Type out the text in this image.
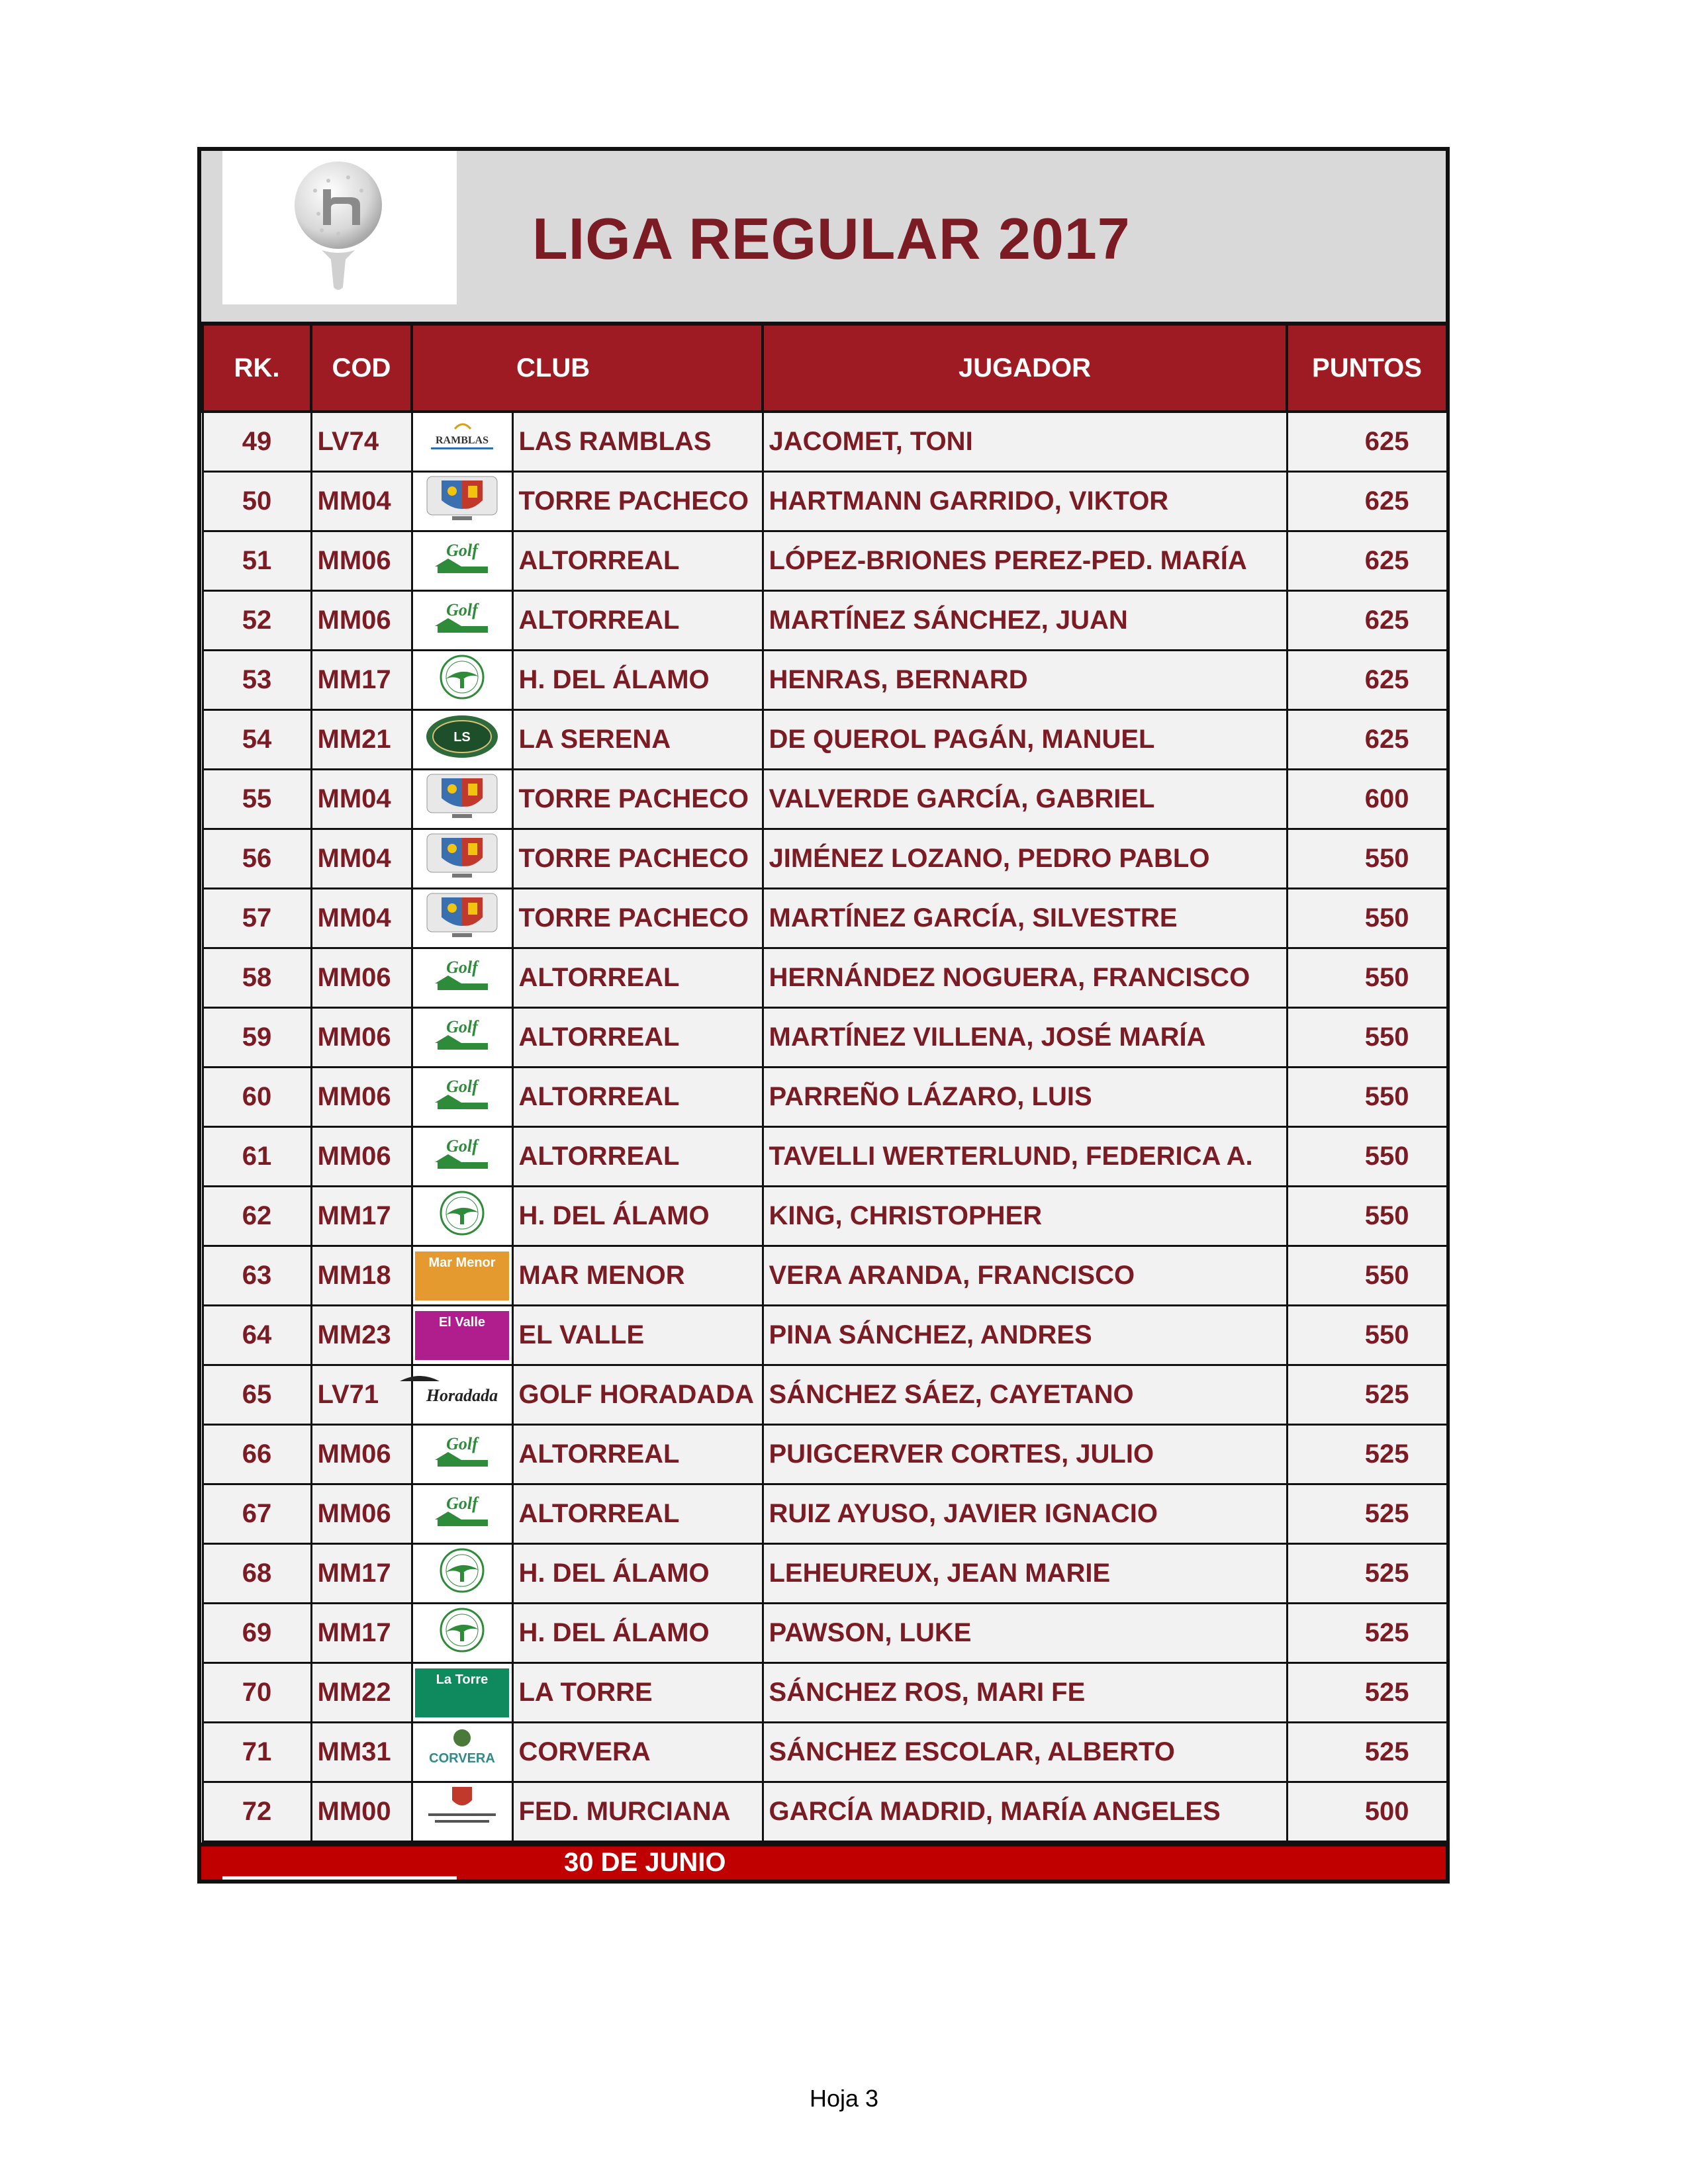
LIGA REGULAR 2017
RK.	COD	CLUB		JUGADOR	PUNTOS
49	LV74	RAMBLAS	LAS RAMBLAS	JACOMET, TONI	625
50	MM04		TORRE PACHECO	HARTMANN GARRIDO, VIKTOR	625
51	MM06	Golf	ALTORREAL	LÓPEZ-BRIONES PEREZ-PED. MARÍA	625
52	MM06	Golf	ALTORREAL	MARTÍNEZ SÁNCHEZ, JUAN	625
53	MM17		H. DEL ÁLAMO	HENRAS, BERNARD	625
54	MM21	LS	LA SERENA	DE QUEROL PAGÁN, MANUEL	625
55	MM04		TORRE PACHECO	VALVERDE GARCÍA, GABRIEL	600
56	MM04		TORRE PACHECO	JIMÉNEZ LOZANO, PEDRO PABLO	550
57	MM04		TORRE PACHECO	MARTÍNEZ GARCÍA, SILVESTRE	550
58	MM06	Golf	ALTORREAL	HERNÁNDEZ NOGUERA, FRANCISCO	550
59	MM06	Golf	ALTORREAL	MARTÍNEZ VILLENA, JOSÉ MARÍA	550
60	MM06	Golf	ALTORREAL	PARREÑO LÁZARO, LUIS	550
61	MM06	Golf	ALTORREAL	TAVELLI WERTERLUND, FEDERICA A.	550
62	MM17		H. DEL ÁLAMO	KING, CHRISTOPHER	550
63	MM18	Mar Menor	MAR MENOR	VERA ARANDA, FRANCISCO	550
64	MM23	El Valle	EL VALLE	PINA SÁNCHEZ, ANDRES	550
65	LV71	Horadada	GOLF HORADADA	SÁNCHEZ SÁEZ, CAYETANO	525
66	MM06	Golf	ALTORREAL	PUIGCERVER CORTES, JULIO	525
67	MM06	Golf	ALTORREAL	RUIZ AYUSO, JAVIER IGNACIO	525
68	MM17		H. DEL ÁLAMO	LEHEUREUX, JEAN MARIE	525
69	MM17		H. DEL ÁLAMO	PAWSON, LUKE	525
70	MM22	La Torre	LA TORRE	SÁNCHEZ ROS, MARI FE	525
71	MM31	CORVERA	CORVERA	SÁNCHEZ ESCOLAR, ALBERTO	525
72	MM00		FED. MURCIANA	GARCÍA MADRID, MARÍA ANGELES	500
30 DE JUNIO
Hoja 3
